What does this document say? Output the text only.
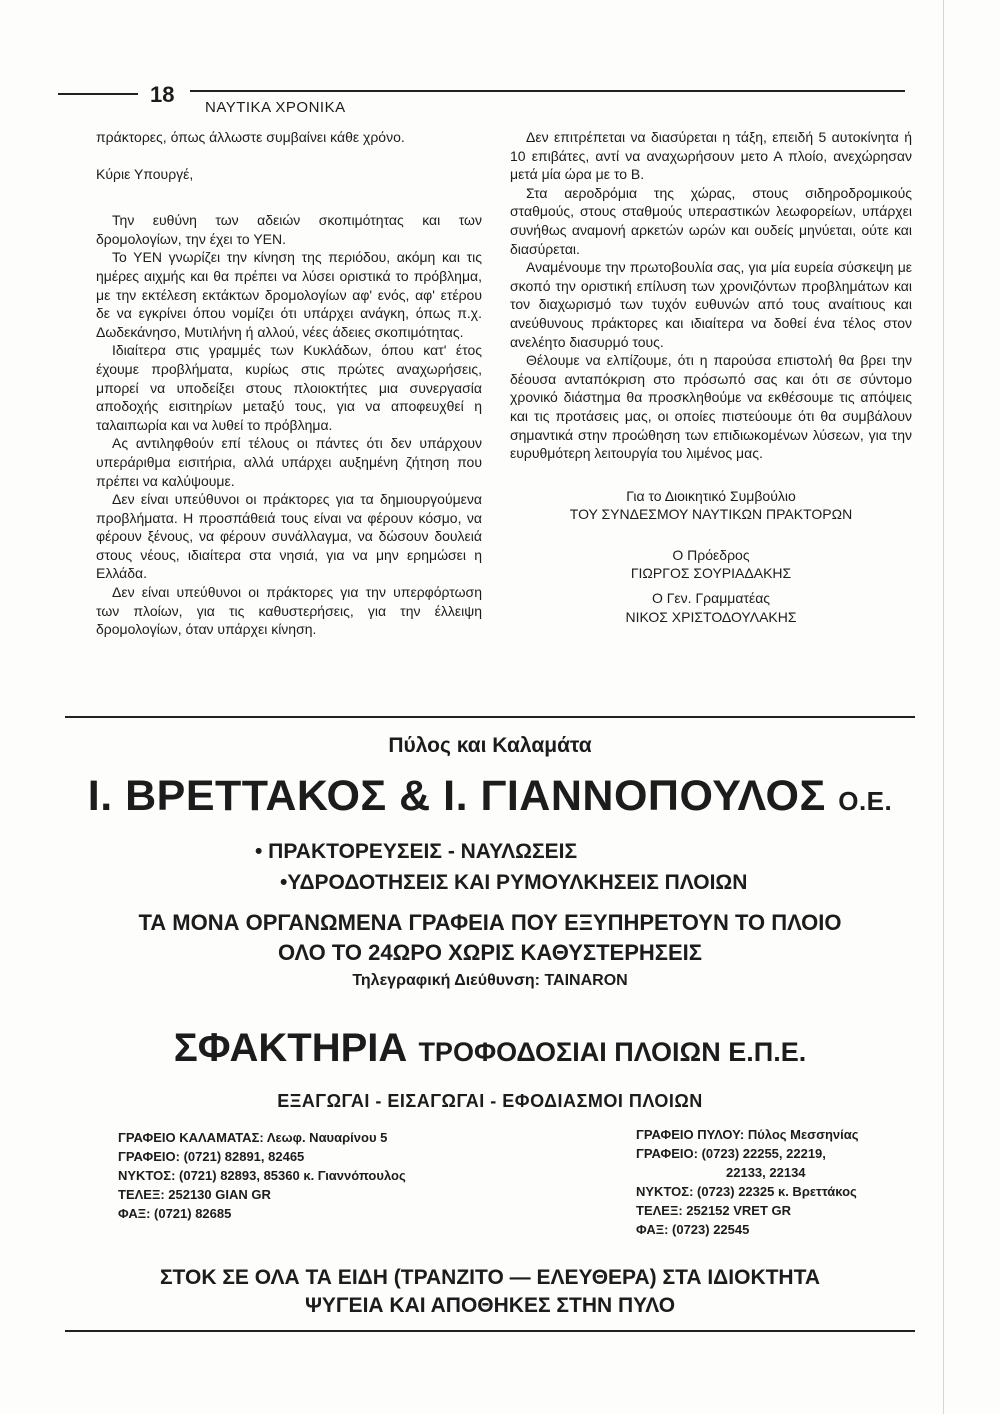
18
ΝΑΥΤΙΚΑ ΧΡΟΝΙΚΑ

πράκτορες, όπως άλλωστε συμβαίνει κάθε χρόνο.

Κύριε Υπουργέ,

Την ευθύνη των αδειών σκοπιμότητας και των δρομολογίων, την έχει το ΥΕΝ.

Το ΥΕΝ γνωρίζει την κίνηση της περιόδου, ακόμη και τις ημέρες αιχμής και θα πρέπει να λύσει οριστικά το πρόβλημα, με την εκτέλεση εκτάκτων δρομολογίων αφ' ενός, αφ' ετέρου δε να εγκρίνει όπου νομίζει ότι υπάρχει ανάγκη, όπως π.χ. Δωδεκάνησο, Μυτιλήνη ή αλλού, νέες άδειες σκοπιμότητας.

Ιδιαίτερα στις γραμμές των Κυκλάδων, όπου κατ' έτος έχουμε προβλήματα, κυρίως στις πρώτες αναχωρήσεις, μπορεί να υποδείξει στους πλοιοκτήτες μια συνεργασία αποδοχής εισιτηρίων μεταξύ τους, για να αποφευχθεί η ταλαιπωρία και να λυθεί το πρόβλημα.

Ας αντιληφθούν επί τέλους οι πάντες ότι δεν υπάρχουν υπεράριθμα εισιτήρια, αλλά υπάρχει αυξημένη ζήτηση που πρέπει να καλύψουμε.

Δεν είναι υπεύθυνοι οι πράκτορες για τα δημιουργούμενα προβλήματα. Η προσπάθειά τους είναι να φέρουν κόσμο, να φέρουν ξένους, να φέρουν συνάλλαγμα, να δώσουν δουλειά στους νέους, ιδιαίτερα στα νησιά, για να μην ερημώσει η Ελλάδα.

Δεν είναι υπεύθυνοι οι πράκτορες για την υπερφόρτωση των πλοίων, για τις καθυστερήσεις, για την έλλειψη δρομολογίων, όταν υπάρχει κίνηση.

Δεν επιτρέπεται να διασύρεται η τάξη, επειδή 5 αυτοκίνητα ή 10 επιβάτες, αντί να αναχωρήσουν μετο Α πλοίο, ανεχώρησαν μετά μία ώρα με το Β.

Στα αεροδρόμια της χώρας, στους σιδηροδρομικούς σταθμούς, στους σταθμούς υπεραστικών λεωφορείων, υπάρχει συνήθως αναμονή αρκετών ωρών και ουδείς μηνύεται, ούτε και διασύρεται.

Αναμένουμε την πρωτοβουλία σας, για μία ευρεία σύσκεψη με σκοπό την οριστική επίλυση των χρονιζόντων προβλημάτων και τον διαχωρισμό των τυχόν ευθυνών από τους αναίτιους και ανεύθυνους πράκτορες και ιδιαίτερα να δοθεί ένα τέλος στον ανελέητο διασυρμό τους.

Θέλουμε να ελπίζουμε, ότι η παρούσα επιστολή θα βρει την δέουσα ανταπόκριση στο πρόσωπό σας και ότι σε σύντομο χρονικό διάστημα θα προσκληθούμε να εκθέσουμε τις απόψεις και τις προτάσεις μας, οι οποίες πιστεύουμε ότι θα συμβάλουν σημαντικά στην προώθηση των επιδιωκομένων λύσεων, για την ευρυθμότερη λειτουργία του λιμένος μας.

Για το Διοικητικό Συμβούλιο

ΤΟΥ ΣΥΝΔΕΣΜΟΥ ΝΑΥΤΙΚΩΝ ΠΡΑΚΤΟΡΩΝ

Ο Πρόεδρος

ΓΙΩΡΓΟΣ ΣΟΥΡΙΑΔΑΚΗΣ

Ο Γεν. Γραμματέας

ΝΙΚΟΣ ΧΡΙΣΤΟΔΟΥΛΑΚΗΣ

Πύλος και Καλαμάτα
Ι. ΒΡΕΤΤΑΚΟΣ & Ι. ΓΙΑΝΝΟΠΟΥΛΟΣ Ο.Ε.
• ΠΡΑΚΤΟΡΕΥΣΕΙΣ - ΝΑΥΛΩΣΕΙΣ
•ΥΔΡΟΔΟΤΗΣΕΙΣ ΚΑΙ ΡΥΜΟΥΛΚΗΣΕΙΣ ΠΛΟΙΩΝ
ΤΑ ΜΟΝΑ ΟΡΓΑΝΩΜΕΝΑ ΓΡΑΦΕΙΑ ΠΟΥ ΕΞΥΠΗΡΕΤΟΥΝ ΤΟ ΠΛΟΙΟ
ΟΛΟ ΤΟ 24ΩΡΟ ΧΩΡΙΣ ΚΑΘΥΣΤΕΡΗΣΕΙΣ
Τηλεγραφική Διεύθυνση: TAINARON
ΣΦΑΚΤΗΡΙΑ ΤΡΟΦΟΔΟΣΙΑΙ ΠΛΟΙΩΝ Ε.Π.Ε.
ΕΞΑΓΩΓΑΙ - ΕΙΣΑΓΩΓΑΙ - ΕΦΟΔΙΑΣΜΟΙ ΠΛΟΙΩΝ
ΓΡΑΦΕΙΟ ΚΑΛΑΜΑΤΑΣ: Λεωφ. Ναυαρίνου 5
ΓΡΑΦΕΙΟ: (0721) 82891, 82465
ΝΥΚΤΟΣ: (0721) 82893, 85360 κ. Γιαννόπουλος
ΤΕΛΕΞ: 252130 GIAN GR
ΦΑΞ: (0721) 82685
ΓΡΑΦΕΙΟ ΠΥΛΟΥ: Πύλος Μεσσηνίας
ΓΡΑΦΕΙΟ: (0723) 22255, 22219,
22133, 22134
ΝΥΚΤΟΣ: (0723) 22325 κ. Βρεττάκος
ΤΕΛΕΞ: 252152 VRET GR
ΦΑΞ: (0723) 22545
ΣΤΟΚ ΣΕ ΟΛΑ ΤΑ ΕΙΔΗ (ΤΡΑΝΖΙΤΟ — ΕΛΕΥΘΕΡΑ) ΣΤΑ ΙΔΙΟΚΤΗΤΑ
ΨΥΓΕΙΑ ΚΑΙ ΑΠΟΘΗΚΕΣ ΣΤΗΝ ΠΥΛΟ
